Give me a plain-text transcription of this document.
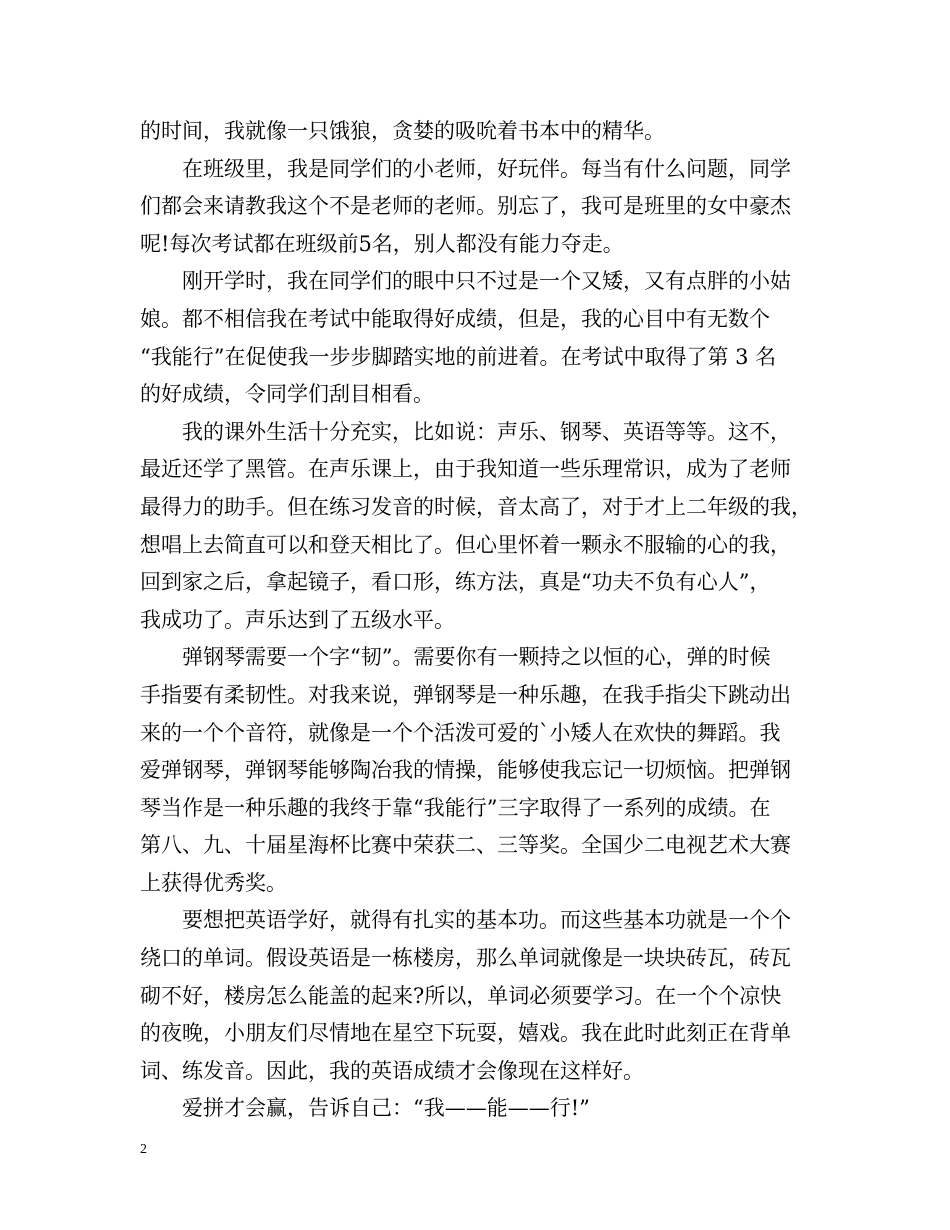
的时间，我就像一只饿狼，贪婪的吸吮着书本中的精华。
在班级里，我是同学们的小老师，好玩伴。每当有什么问题，同学
们都会来请教我这个不是老师的老师。别忘了，我可是班里的女中豪杰
呢!每次考试都在班级前5名，别人都没有能力夺走。
刚开学时，我在同学们的眼中只不过是一个又矮，又有点胖的小姑
娘。都不相信我在考试中能取得好成绩，但是，我的心目中有无数个
“我能行”在促使我一步步脚踏实地的前进着。在考试中取得了第 3 名
的好成绩，令同学们刮目相看。
我的课外生活十分充实，比如说：声乐、钢琴、英语等等。这不，
最近还学了黑管。在声乐课上，由于我知道一些乐理常识，成为了老师
最得力的助手。但在练习发音的时候，音太高了，对于才上二年级的我，
想唱上去简直可以和登天相比了。但心里怀着一颗永不服输的心的我，
回到家之后，拿起镜子，看口形，练方法，真是“功夫不负有心人”，
我成功了。声乐达到了五级水平。
弹钢琴需要一个字“韧”。需要你有一颗持之以恒的心，弹的时候
手指要有柔韧性。对我来说，弹钢琴是一种乐趣，在我手指尖下跳动出
来的一个个音符，就像是一个个活泼可爱的`小矮人在欢快的舞蹈。我
爱弹钢琴，弹钢琴能够陶冶我的情操，能够使我忘记一切烦恼。把弹钢
琴当作是一种乐趣的我终于靠“我能行”三字取得了一系列的成绩。在
第八、九、十届星海杯比赛中荣获二、三等奖。全国少二电视艺术大赛
上获得优秀奖。
要想把英语学好，就得有扎实的基本功。而这些基本功就是一个个
绕口的单词。假设英语是一栋楼房，那么单词就像是一块块砖瓦，砖瓦
砌不好，楼房怎么能盖的起来?所以，单词必须要学习。在一个个凉快
的夜晚，小朋友们尽情地在星空下玩耍，嬉戏。我在此时此刻正在背单
词、练发音。因此，我的英语成绩才会像现在这样好。
爱拼才会赢，告诉自己：“我——能——行!”
2
